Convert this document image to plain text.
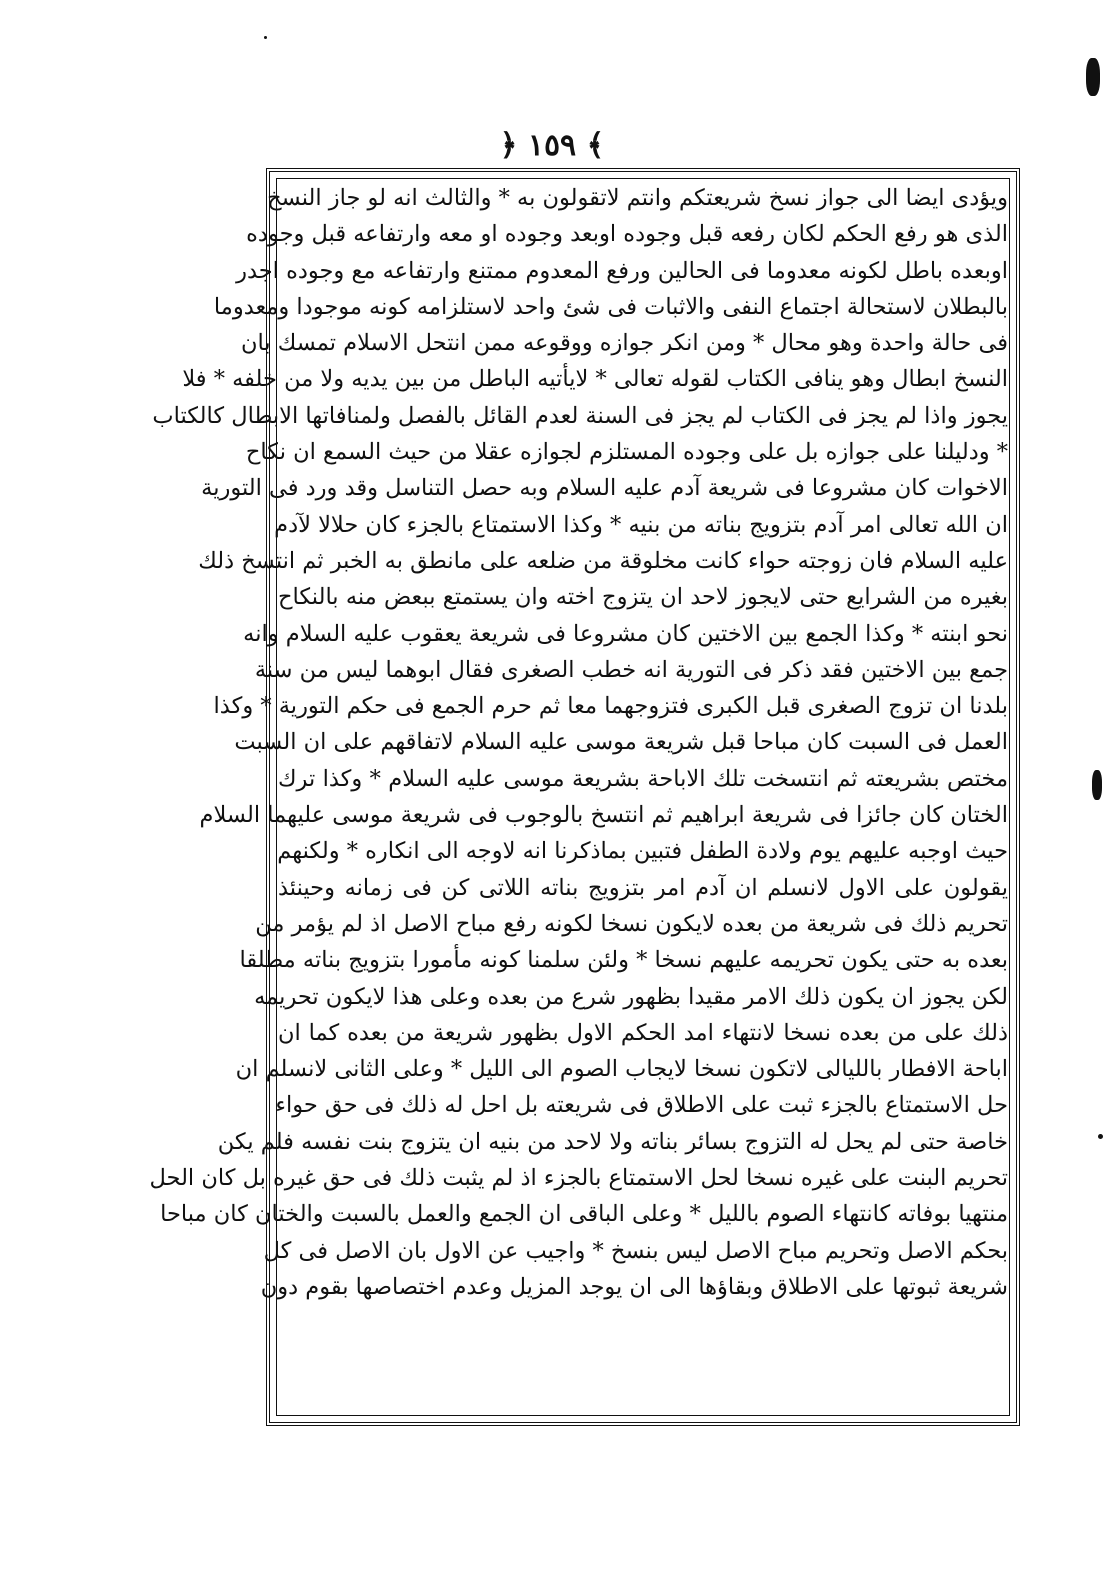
﴿ ١٥٩ ﴾
ويؤدى ايضا الى جواز نسخ شريعتكم وانتم لاتقولون به * والثالث انه لو جاز النسخ
الذى هو رفع الحكم لكان رفعه قبل وجوده اوبعد وجوده او معه وارتفاعه قبل وجوده
اوبعده باطل لكونه معدوما فى الحالين ورفع المعدوم ممتنع وارتفاعه مع وجوده اجدر
بالبطلان لاستحالة اجتماع النفى والاثبات فى شئ واحد لاستلزامه كونه موجودا ومعدوما
فى حالة واحدة وهو محال * ومن انكر جوازه ووقوعه ممن انتحل الاسلام تمسك بان
النسخ ابطال وهو ينافى الكتاب لقوله تعالى * لايأتيه الباطل من بين يديه ولا من خلفه * فلا
يجوز واذا لم يجز فى الكتاب لم يجز فى السنة لعدم القائل بالفصل ولمنافاتها الابطال كالكتاب
* ودليلنا على جوازه بل على وجوده المستلزم لجوازه عقلا من حيث السمع ان نكاح
الاخوات كان مشروعا فى شريعة آدم عليه السلام وبه حصل التناسل وقد ورد فى التورية
ان الله تعالى امر آدم بتزويج بناته من بنيه * وكذا الاستمتاع بالجزء كان حلالا لآدم
عليه السلام فان زوجته حواء كانت مخلوقة من ضلعه على مانطق به الخبر ثم انتسخ ذلك
بغيره من الشرايع حتى لايجوز لاحد ان يتزوج اخته وان يستمتع ببعض منه بالنكاح
نحو ابنته * وكذا الجمع بين الاختين كان مشروعا فى شريعة يعقوب عليه السلام وانه
جمع بين الاختين فقد ذكر فى التورية انه خطب الصغرى فقال ابوهما ليس من سنة
بلدنا ان تزوج الصغرى قبل الكبرى فتزوجهما معا ثم حرم الجمع فى حكم التورية * وكذا
العمل فى السبت كان مباحا قبل شريعة موسى عليه السلام لاتفاقهم على ان السبت
مختص بشريعته ثم انتسخت تلك الاباحة بشريعة موسى عليه السلام * وكذا ترك
الختان كان جائزا فى شريعة ابراهيم ثم انتسخ بالوجوب فى شريعة موسى عليهما السلام
حيث اوجبه عليهم يوم ولادة الطفل فتبين بماذكرنا انه لاوجه الى انكاره * ولكنهم
يقولون على الاول لانسلم ان آدم امر بتزويج بناته اللاتى كن فى زمانه وحينئذ
تحريم ذلك فى شريعة من بعده لايكون نسخا لكونه رفع مباح الاصل اذ لم يؤمر من
بعده به حتى يكون تحريمه عليهم نسخا * ولئن سلمنا كونه مأمورا بتزويج بناته مطلقا
لكن يجوز ان يكون ذلك الامر مقيدا بظهور شرع من بعده وعلى هذا لايكون تحريمه
ذلك على من بعده نسخا لانتهاء امد الحكم الاول بظهور شريعة من بعده كما ان
اباحة الافطار بالليالى لاتكون نسخا لايجاب الصوم الى الليل * وعلى الثانى لانسلم ان
حل الاستمتاع بالجزء ثبت على الاطلاق فى شريعته بل احل له ذلك فى حق حواء
خاصة حتى لم يحل له التزوج بسائر بناته ولا لاحد من بنيه ان يتزوج بنت نفسه فلم يكن
تحريم البنت على غيره نسخا لحل الاستمتاع بالجزء اذ لم يثبت ذلك فى حق غيره بل كان الحل
منتهيا بوفاته كانتهاء الصوم بالليل * وعلى الباقى ان الجمع والعمل بالسبت والختان كان مباحا
بحكم الاصل وتحريم مباح الاصل ليس بنسخ * واجيب عن الاول بان الاصل فى كل
شريعة ثبوتها على الاطلاق وبقاؤها الى ان يوجد المزيل وعدم اختصاصها بقوم دون
